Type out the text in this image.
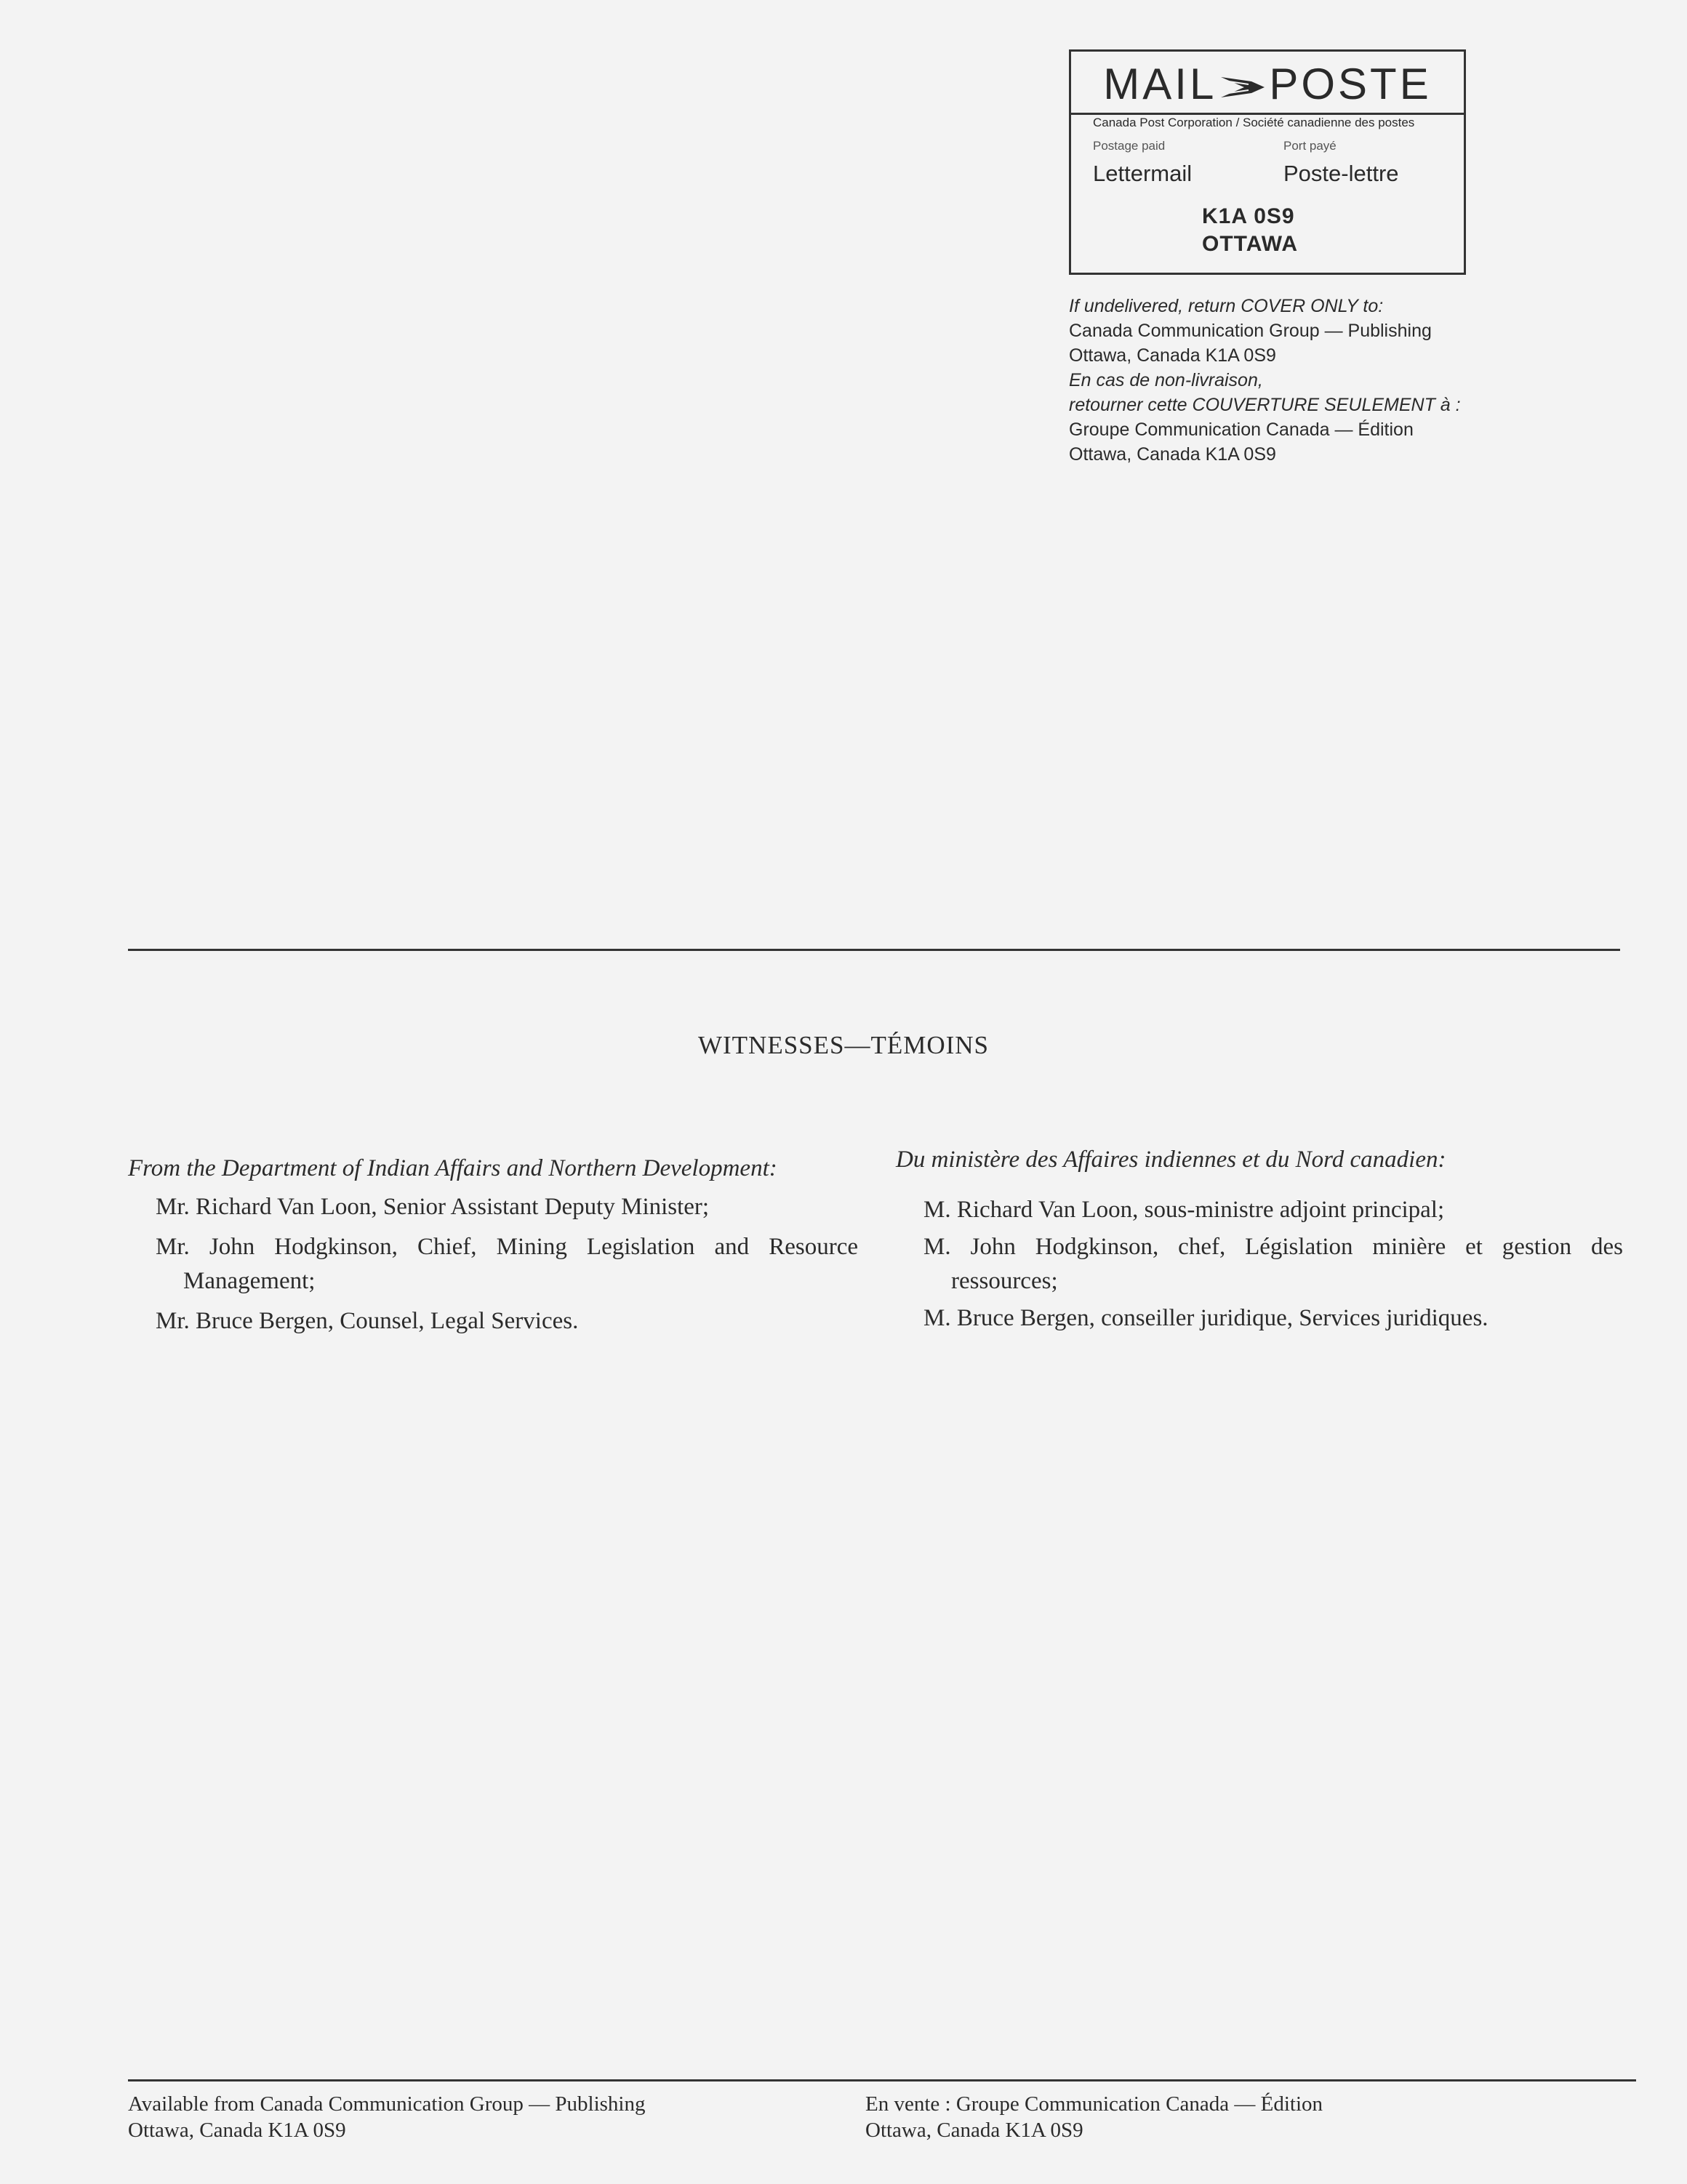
MAIL POSTE
Canada Post Corporation / Société canadienne des postes
Postage paid	Port payé
Lettermail	Poste-lettre
K1A 0S9
OTTAWA
If undelivered, return COVER ONLY to:
Canada Communication Group — Publishing
Ottawa, Canada K1A 0S9
En cas de non-livraison,
retourner cette COUVERTURE SEULEMENT à :
Groupe Communication Canada — Édition
Ottawa, Canada K1A 0S9
WITNESSES—TÉMOINS
From the Department of Indian Affairs and Northern Development:
Mr. Richard Van Loon, Senior Assistant Deputy Minister;
Mr. John Hodgkinson, Chief, Mining Legislation and Resource Management;
Mr. Bruce Bergen, Counsel, Legal Services.
Du ministère des Affaires indiennes et du Nord canadien:
M. Richard Van Loon, sous-ministre adjoint principal;
M. John Hodgkinson, chef, Législation minière et gestion des ressources;
M. Bruce Bergen, conseiller juridique, Services juridiques.
Available from Canada Communication Group — Publishing
Ottawa, Canada K1A 0S9
En vente : Groupe Communication Canada — Édition
Ottawa, Canada K1A 0S9
